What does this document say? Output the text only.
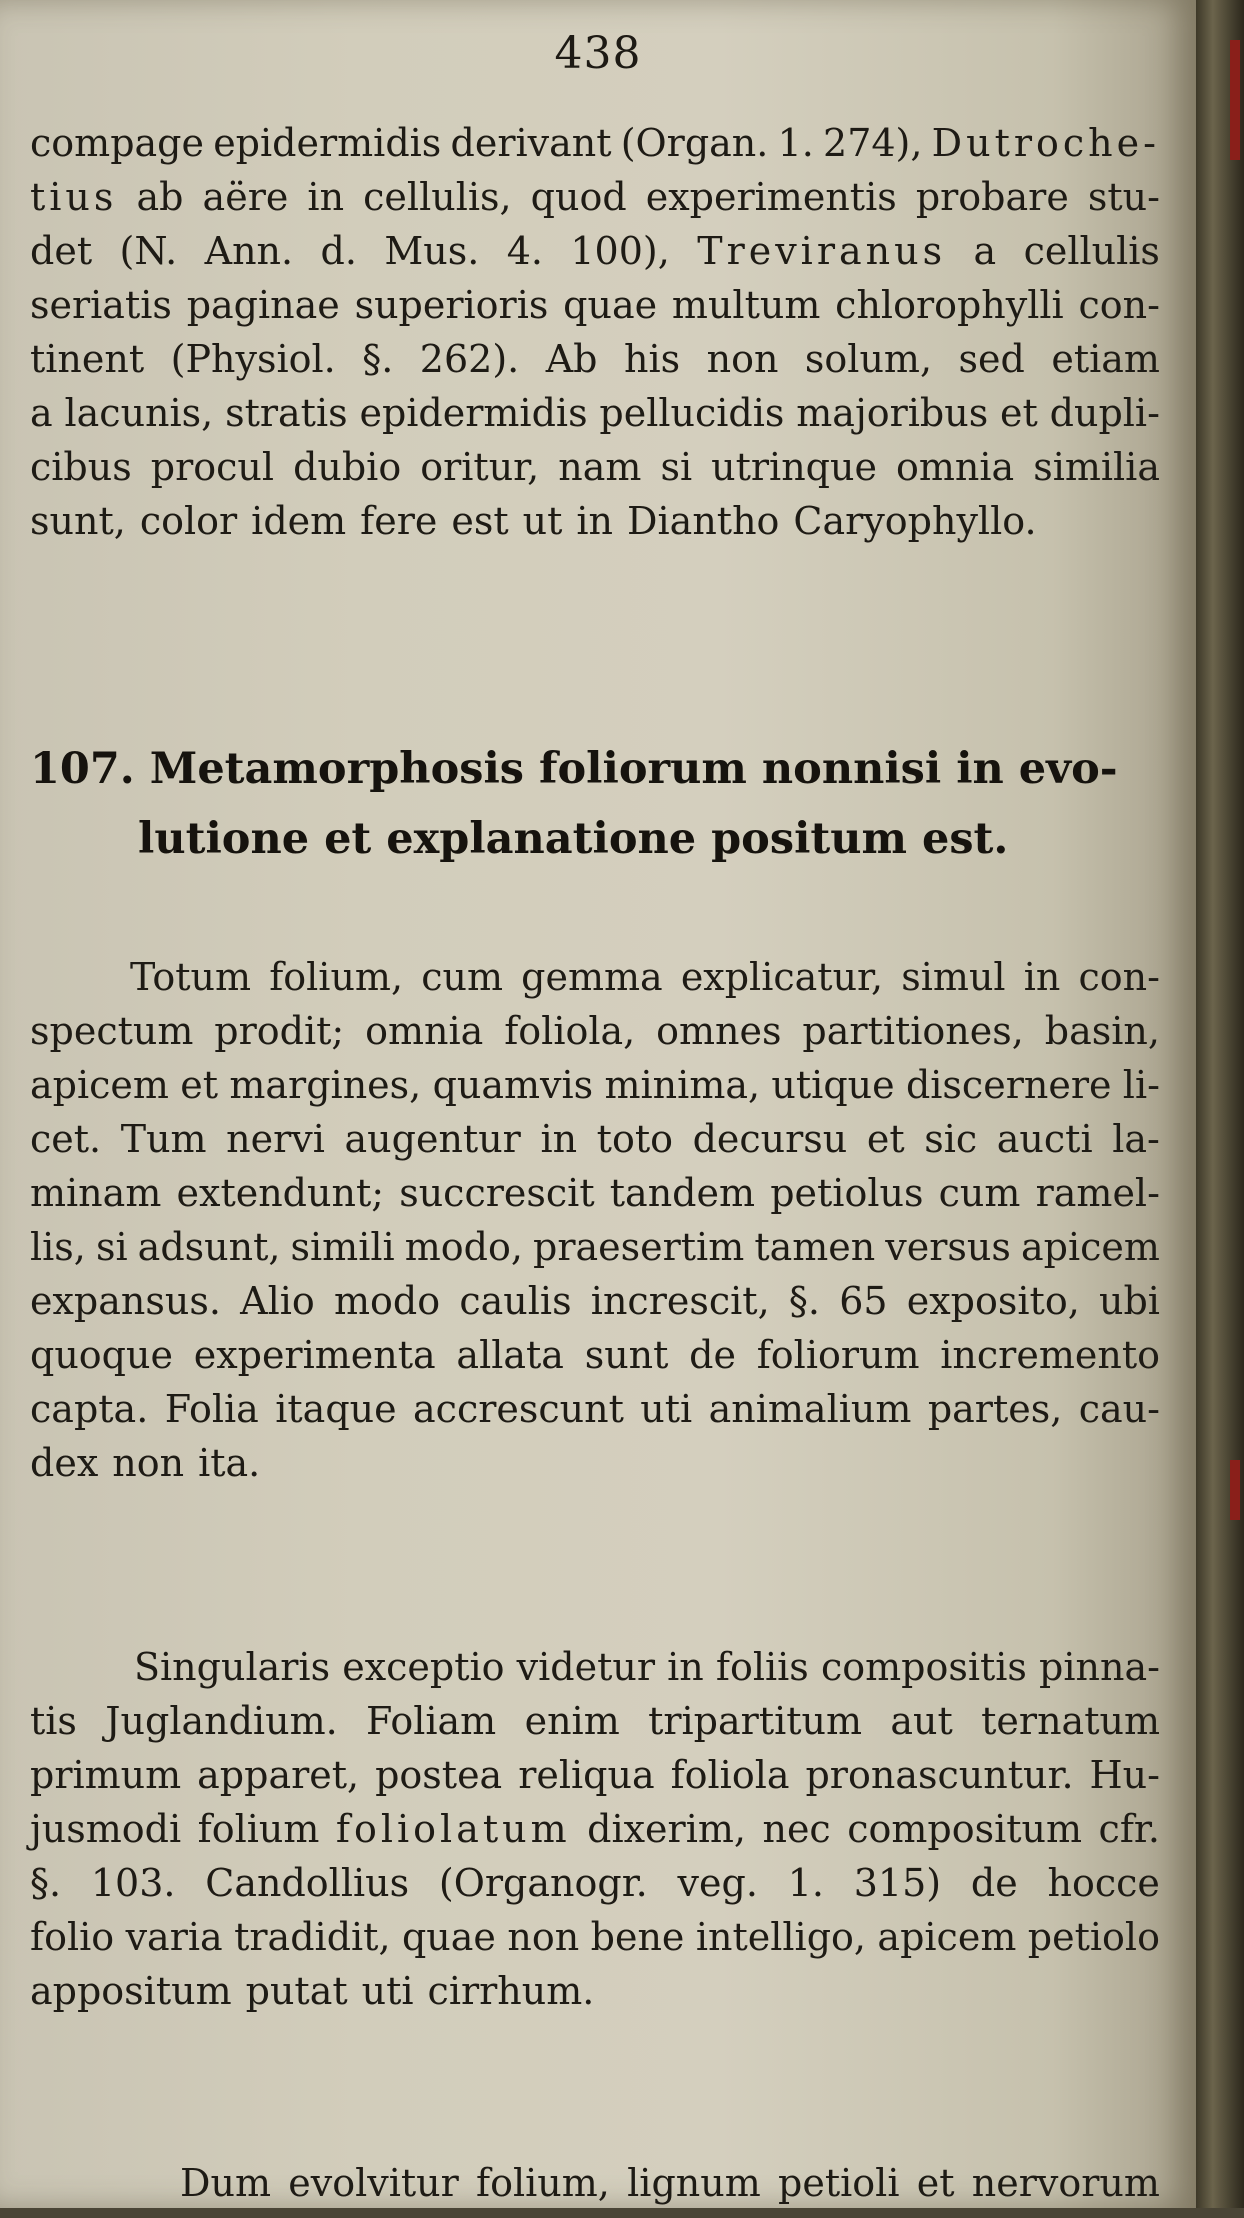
438
compage epidermidis derivant (Organ. 1. 274), Dutroche-
tius ab aëre in cellulis, quod experimentis probare stu-
det (N. Ann. d. Mus. 4. 100), Treviranus a cellulis
seriatis paginae superioris quae multum chlorophylli con-
tinent (Physiol. §. 262). Ab his non solum, sed etiam
a lacunis, stratis epidermidis pellucidis majoribus et dupli-
cibus procul dubio oritur, nam si utrinque omnia similia
sunt, color idem fere est ut in Diantho Caryophyllo.
107. Metamorphosis foliorum nonnisi in evo-
lutione et explanatione positum est.
Totum folium, cum gemma explicatur, simul in con-
spectum prodit; omnia foliola, omnes partitiones, basin,
apicem et margines, quamvis minima, utique discernere li-
cet. Tum nervi augentur in toto decursu et sic aucti la-
minam extendunt; succrescit tandem petiolus cum ramel-
lis, si adsunt, simili modo, praesertim tamen versus apicem
expansus. Alio modo caulis increscit, §. 65 exposito, ubi
quoque experimenta allata sunt de foliorum incremento
capta. Folia itaque accrescunt uti animalium partes, cau-
dex non ita.
Singularis exceptio videtur in foliis compositis pinna-
tis Juglandium. Foliam enim tripartitum aut ternatum
primum apparet, postea reliqua foliola pronascuntur. Hu-
jusmodi folium foliolatum dixerim, nec compositum cfr.
§. 103. Candollius (Organogr. veg. 1. 315) de hocce
folio varia tradidit, quae non bene intelligo, apicem petiolo
appositum putat uti cirrhum.
Dum evolvitur folium, lignum petioli et nervorum
